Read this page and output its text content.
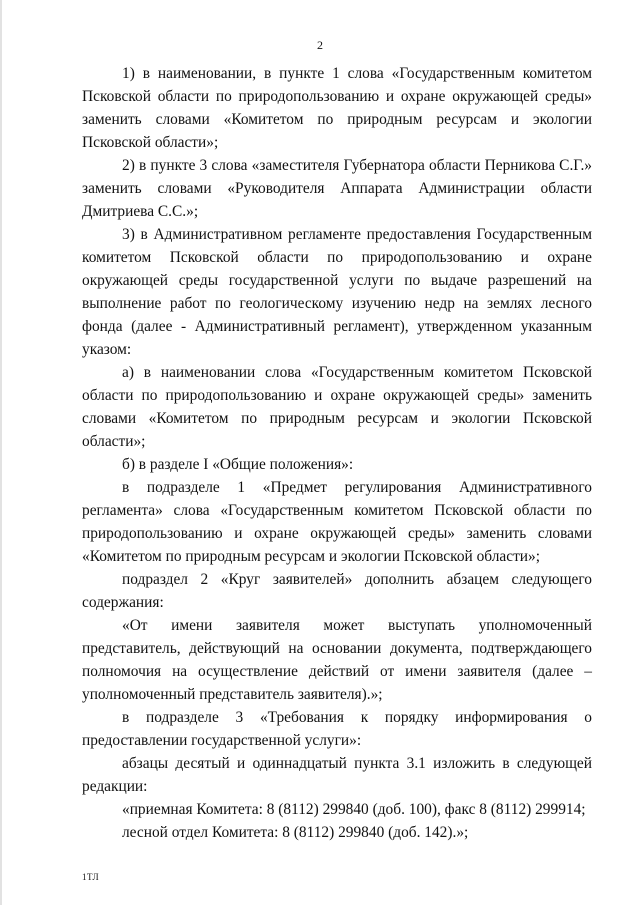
2

1) в наименовании, в пункте 1 слова «Государственным комитетом Псковской области по природопользованию и охране окружающей среды» заменить словами «Комитетом по природным ресурсам и экологии Псковской области»;

2) в пункте 3 слова «заместителя Губернатора области Перникова С.Г.» заменить словами «Руководителя Аппарата Администрации области Дмитриева С.С.»;

3) в Административном регламенте предоставления Государственным комитетом Псковской области по природопользованию и охране окружающей среды государственной услуги по выдаче разрешений на выполнение работ по геологическому изучению недр на землях лесного фонда (далее - Административный регламент), утвержденном указанным указом:

а) в наименовании слова «Государственным комитетом Псковской области по природопользованию и охране окружающей среды» заменить словами «Комитетом по природным ресурсам и экологии Псковской области»;

б) в разделе I «Общие положения»:

в подразделе 1 «Предмет регулирования Административного регламента» слова «Государственным комитетом Псковской области по природопользованию и охране окружающей среды» заменить словами «Комитетом по природным ресурсам и экологии Псковской области»;

подраздел 2 «Круг заявителей» дополнить абзацем следующего содержания:

«От имени заявителя может выступать уполномоченный представитель, действующий на основании документа, подтверждающего полномочия на осуществление действий от имени заявителя (далее – уполномоченный представитель заявителя).»;

в подразделе 3 «Требования к порядку информирования о предоставлении государственной услуги»:

абзацы десятый и одиннадцатый пункта 3.1 изложить в следующей редакции:

«приемная Комитета: 8 (8112) 299840 (доб. 100), факс 8 (8112) 299914;

лесной отдел Комитета: 8 (8112) 299840 (доб. 142).»;

1ТЛ
